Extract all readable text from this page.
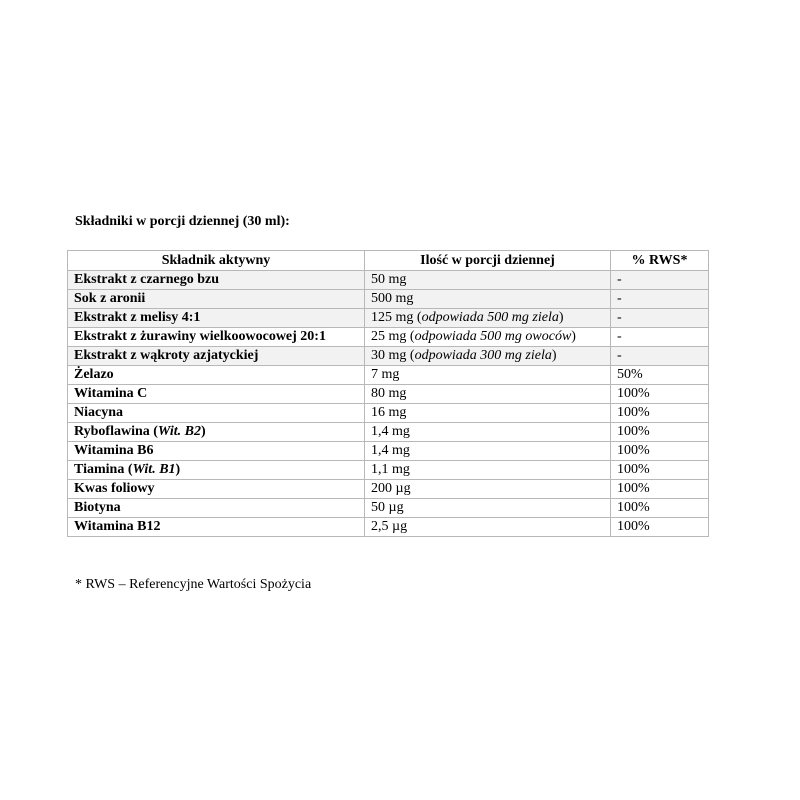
Składniki w porcji dziennej (30 ml):
Składnik aktywny	Ilość w porcji dziennej	% RWS*
Ekstrakt z czarnego bzu	50 mg	-
Sok z aronii	500 mg	-
Ekstrakt z melisy 4:1	125 mg (odpowiada 500 mg ziela)	-
Ekstrakt z żurawiny wielkoowocowej 20:1	25 mg (odpowiada 500 mg owoców)	-
Ekstrakt z wąkroty azjatyckiej	30 mg (odpowiada 300 mg ziela)	-
Żelazo	7 mg	50%
Witamina C	80 mg	100%
Niacyna	16 mg	100%
Ryboflawina (Wit. B2)	1,4 mg	100%
Witamina B6	1,4 mg	100%
Tiamina (Wit. B1)	1,1 mg	100%
Kwas foliowy	200 µg	100%
Biotyna	50 µg	100%
Witamina B12	2,5 µg	100%
* RWS – Referencyjne Wartości Spożycia
